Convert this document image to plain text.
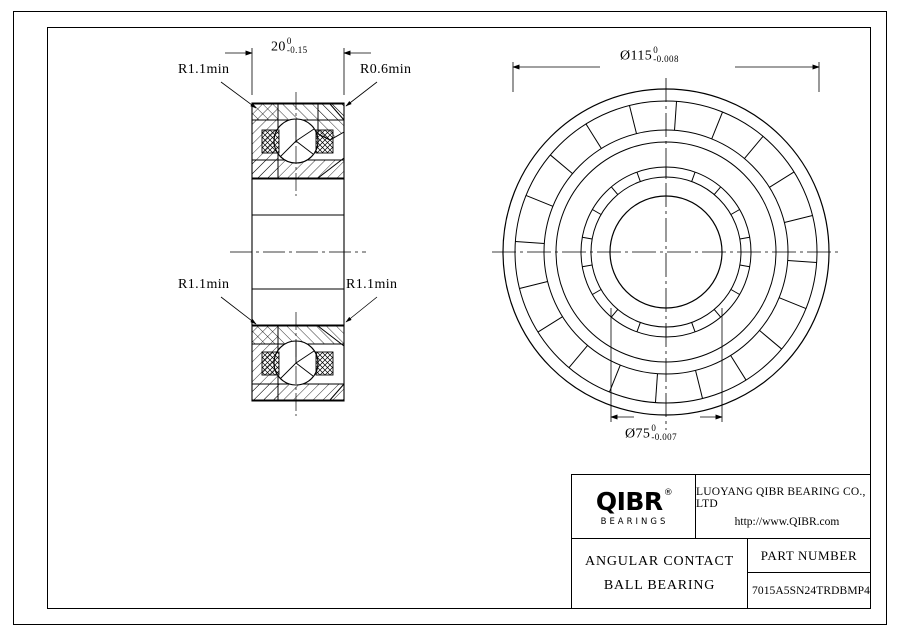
R1.1min	R0.6min
R1.1min	R1.1min
20 0
-0.15	Ø115 0
-0.008
Ø75 0
-0.007
QIBR®
BEARINGS
LUOYANG QIBR BEARING CO., LTD
http://www.QIBR.com
ANGULAR CONTACT
BALL BEARING
PART NUMBER
7015A5SN24TRDBMP4
